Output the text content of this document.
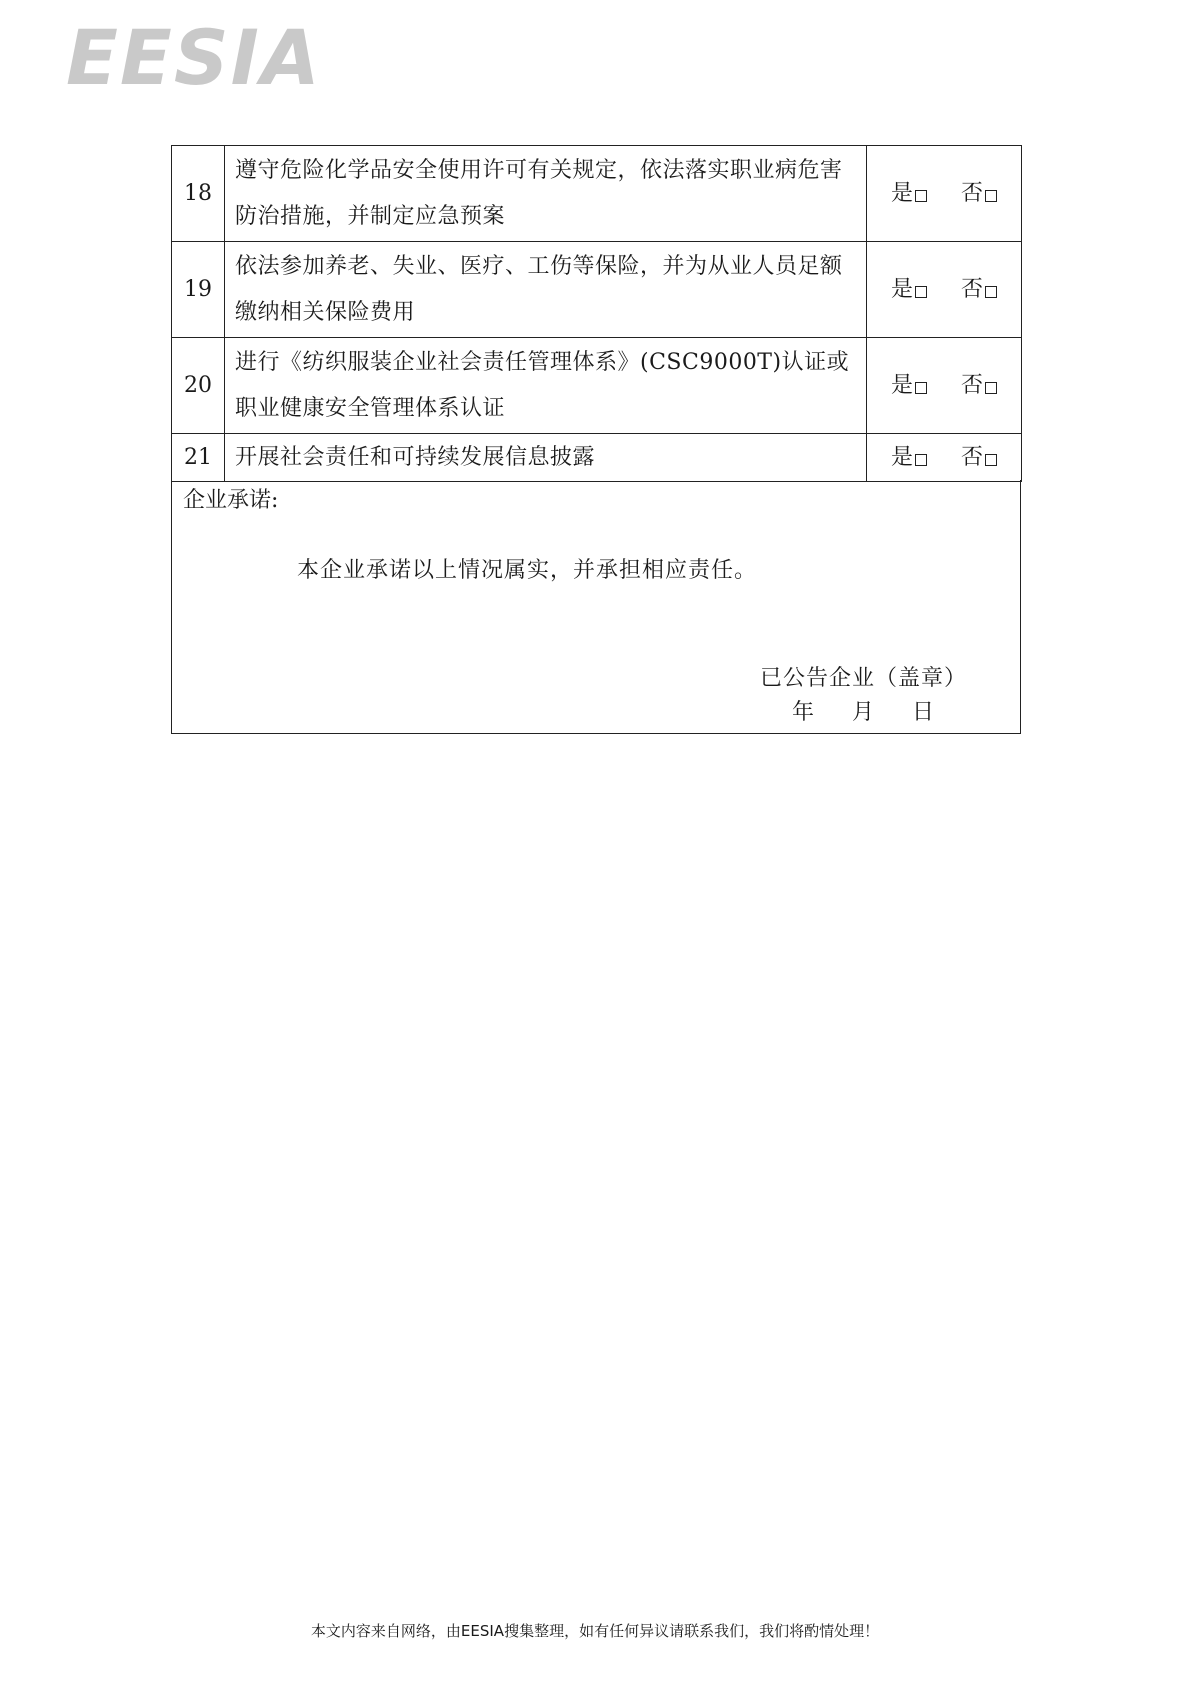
EESIA
18	遵守危险化学品安全使用许可有关规定，依法落实职业病危害防治措施，并制定应急预案	是 否

19	依法参加养老、失业、医疗、工伤等保险，并为从业人员足额缴纳相关保险费用	是 否

20	进行《纺织服装企业社会责任管理体系》(CSC9000T)认证或职业健康安全管理体系认证	是 否

21	开展社会责任和可持续发展信息披露	是 否
企业承诺:
本企业承诺以上情况属实，并承担相应责任。
已公告企业（盖章）
年 月 日
本文内容来自网络，由EESIA搜集整理，如有任何异议请联系我们，我们将酌情处理！
